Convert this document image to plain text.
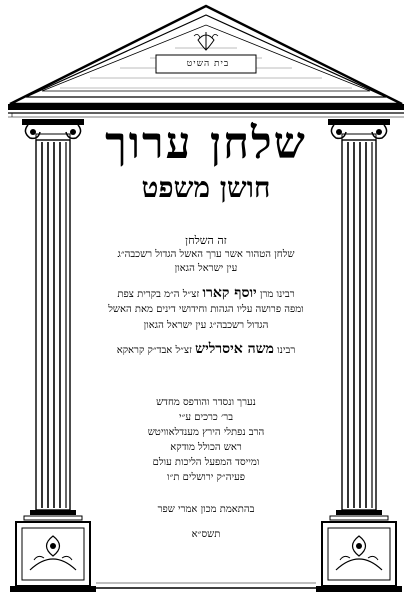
בית השיט
שלחן ערוך
חושן משפט
זה השלחן
שלחן הטהור אשר ערך האשל הגדול רשכבה״ג
עין ישראל הגאון
רבינו מרן יוסף קארו זצ״ל ה״מ בקרית צפת
ומפה פרושה עליו הגהות וחידושי דינים מאת האשל
הגדול רשכבה״ג עין ישראל הגאון
רבינו משה איסרליש זצ״ל אבד״ק קראקא
נערך ונסדר והודפס מחדש
בר׳ כרכים ע״י
הרב נפתלי הירץ מענדלאוויטש
ראש הכולל מודקא
ומייסד המפעל הליכות עולם
פעיה״ק ירושלים ת״ו
בהתאמת מכון אמרי שפר
תשס״א
